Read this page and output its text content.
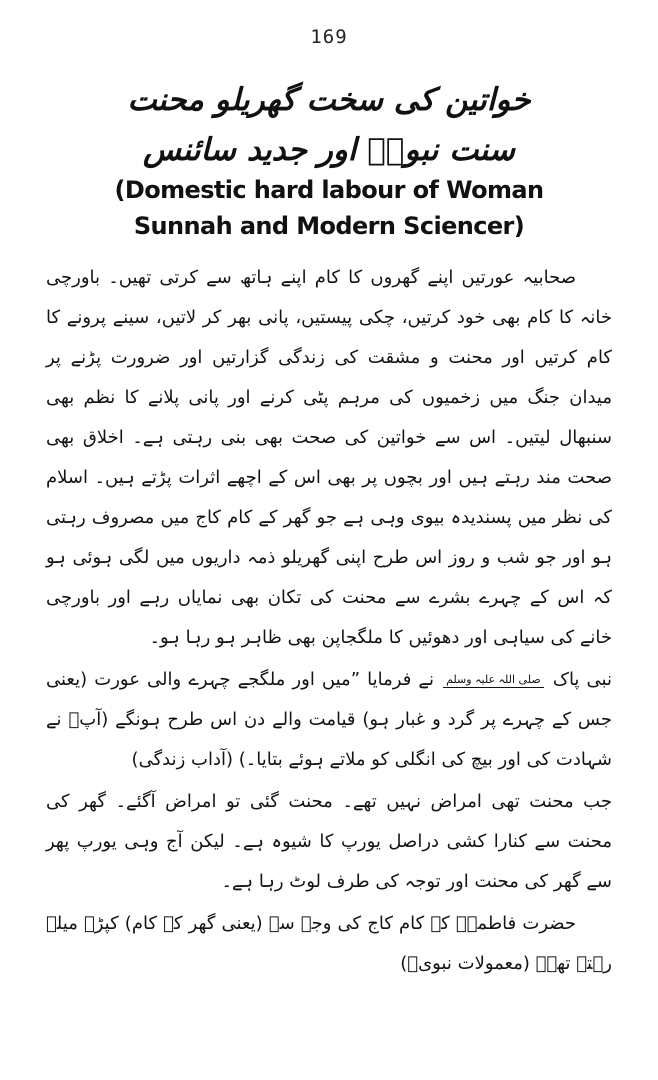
169
خواتین کی سخت گھریلو محنت
سنت نبویؐ اور جدید سائنس
(Domestic hard labour of Woman
Sunnah and Modern Sciencer)

صحابیہ عورتیں اپنے گھروں کا کام اپنے ہاتھ سے کرتی تھیں۔ باورچی خانہ کا کام بھی خود کرتیں، چکی پیستیں، پانی بھر کر لاتیں، سینے پرونے کا کام کرتیں اور محنت و مشقت کی زندگی گزارتیں اور ضرورت پڑنے پر میدان جنگ میں زخمیوں کی مرہم پٹی کرنے اور پانی پلانے کا نظم بھی سنبھال لیتیں۔ اس سے خواتین کی صحت بھی بنی رہتی ہے۔ اخلاق بھی صحت مند رہتے ہیں اور بچوں پر بھی اس کے اچھے اثرات پڑتے ہیں۔ اسلام کی نظر میں پسندیدہ بیوی وہی ہے جو گھر کے کام کاج میں مصروف رہتی ہو اور جو شب و روز اس طرح اپنی گھریلو ذمہ داریوں میں لگی ہوئی ہو کہ اس کے چہرے بشرے سے محنت کی تکان بھی نمایاں رہے اور باورچی خانے کی سیاہی اور دھوئیں کا ملگجاپن بھی ظاہر ہو رہا ہو۔

نبی پاک صلی اللہ علیہ وسلم نے فرمایا ”میں اور ملگجے چہرے والی عورت (یعنی جس کے چہرے پر گرد و غبار ہو) قیامت والے دن اس طرح ہونگے (آپؐ نے شہادت کی اور بیچ کی انگلی کو ملاتے ہوئے بتایا۔) (آداب زندگی)

جب محنت تھی امراض نہیں تھے۔ محنت گئی تو امراض آگئے۔ گھر کی محنت سے کنارا کشی دراصل یورپ کا شیوہ ہے۔ لیکن آج وہی یورپ پھر سے گھر کی محنت اور توجہ کی طرف لوٹ رہا ہے۔

حضرت فاطمہؓ کے کام کاج کی وجہ سے (یعنی گھر کے کام) کپڑے میلے رہتے تھے۔ (معمولات نبویؐ)
